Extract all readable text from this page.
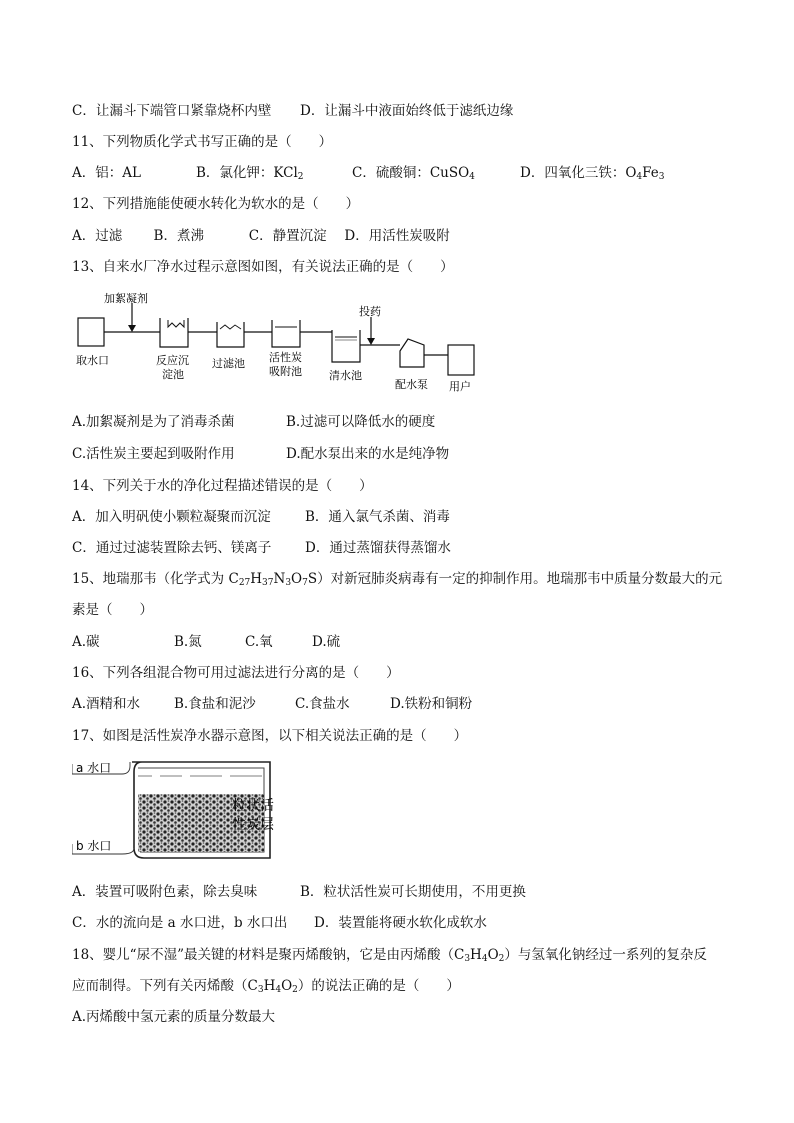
C．让漏斗下端管口紧靠烧杯内壁 D．让漏斗中液面始终低于滤纸边缘
11、下列物质化学式书写正确的是（　　）
A．铝：AL	B．氯化钾：KCl$_2$	C．硫酸铜：CuSO$_4$	D．四氧化三铁：$O_4Fe_3$
12、下列措施能使硬水转化为软水的是（　　）
A．过滤　　 B．煮沸　　　 C．静置沉淀　 D．用活性炭吸附
13、自来水厂净水过程示意图如图，有关说法正确的是（　　）
加絮凝剂
投药
取水口	反应沉
淀池
过滤池 活性炭
吸附池 清水池
配水泵 用户
A.加絮凝剂是为了消毒杀菌	B.过滤可以降低水的硬度
C.活性炭主要起到吸附作用	D.配水泵出来的水是纯净物
14、下列关于水的净化过程描述错误的是（　　）
A．加入明矾使小颗粒凝聚而沉淀	B．通入氯气杀菌、消毒
C．通过过滤装置除去钙、镁离子 D．通过蒸馏获得蒸馏水
15、地瑞那韦（化学式为 $C_{27}H_{37}N_3O_7S$）对新冠肺炎病毒有一定的抑制作用。地瑞那韦中质量分数最大的元
素是（　　）
A.碳	B.氮	C.氧	D.硫
16、下列各组混合物可用过滤法进行分离的是（　　）
A.酒精和水	B.食盐和泥沙	C.食盐水	D.铁粉和铜粉
17、如图是活性炭净水器示意图，以下相关说法正确的是（　　）
a 水口
b 水口
粒状活
性炭层
A．装置可吸附色素，除去臭味	B．粒状活性炭可长期使用，不用更换
C．水的流向是 a 水口进，b 水口出 D．装置能将硬水软化成软水
18、婴儿“尿不湿”最关键的材料是聚丙烯酸钠，它是由丙烯酸$(C_3H_4O_2)$与氢氧化钠经过一系列的复杂反
应而制得。下列有关丙烯酸$(C_3H_4O_2)$的说法正确的是（　　）
A.丙烯酸中氢元素的质量分数最大
